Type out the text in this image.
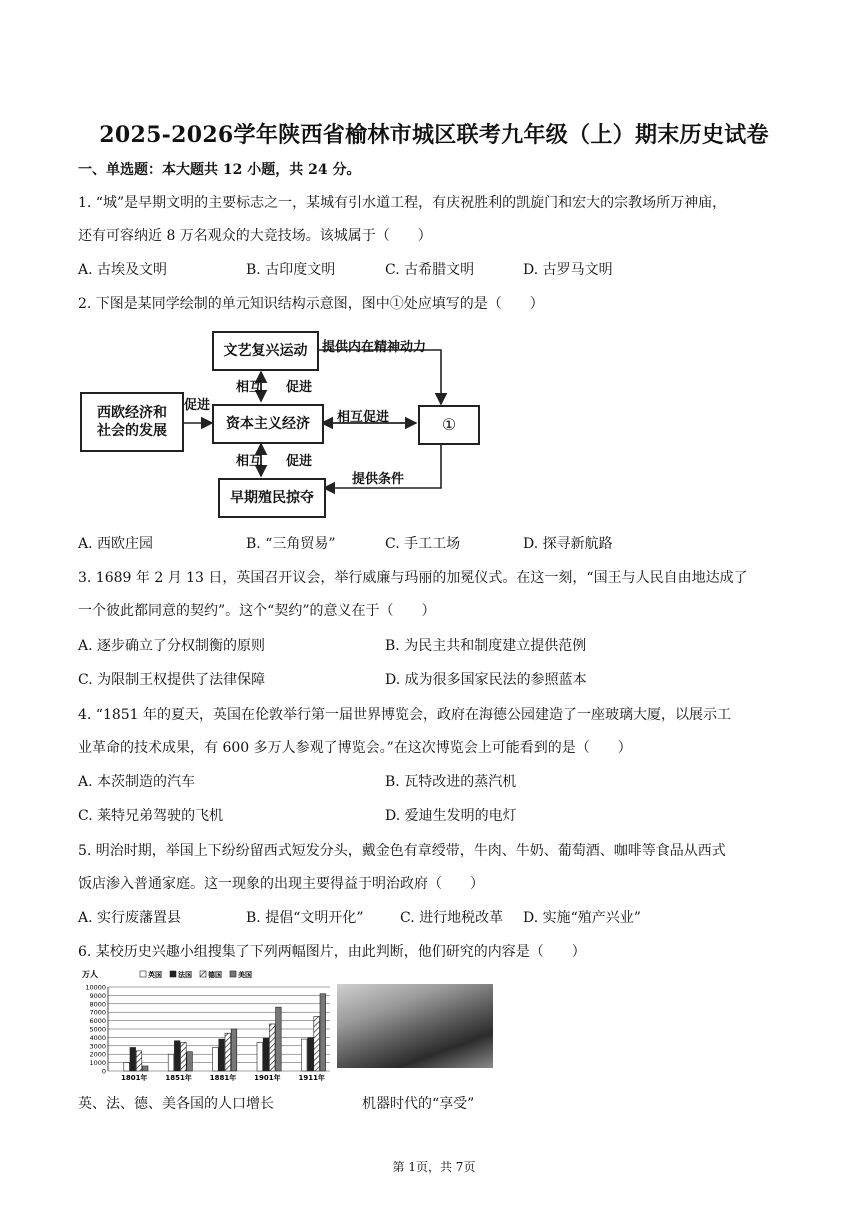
2025-2026学年陕西省榆林市城区联考九年级（上）期末历史试卷
一、单选题：本大题共 12 小题，共 24 分。
1. “城”是早期文明的主要标志之一，某城有引水道工程，有庆祝胜利的凯旋门和宏大的宗教场所万神庙，
还有可容纳近 8 万名观众的大竞技场。该城属于（　　）
A. 古埃及文明	B. 古印度文明	C. 古希腊文明	D. 古罗马文明
2. 下图是某同学绘制的单元知识结构示意图，图中①处应填写的是（　　）
文艺复兴运动
西欧经济和
社会的发展	资本主义经济	①
早期殖民掠夺
提供内在精神动力
相互 促进
促进
相互促进
相互 促进
提供条件
A. 西欧庄园	B. “三角贸易”	C. 手工工场	D. 探寻新航路
3. 1689 年 2 月 13 日，英国召开议会，举行威廉与玛丽的加冕仪式。在这一刻，“国王与人民自由地达成了
一个彼此都同意的契约”。这个“契约”的意义在于（　　）
A. 逐步确立了分权制衡的原则	B. 为民主共和制度建立提供范例
C. 为限制王权提供了法律保障	D. 成为很多国家民法的参照蓝本
4. “1851 年的夏天，英国在伦敦举行第一届世界博览会，政府在海德公园建造了一座玻璃大厦，以展示工
业革命的技术成果，有 600 多万人参观了博览会。”在这次博览会上可能看到的是（　　）
A. 本茨制造的汽车	B. 瓦特改进的蒸汽机
C. 莱特兄弟驾驶的飞机	D. 爱迪生发明的电灯
5. 明治时期，举国上下纷纷留西式短发分头，戴金色有章绶带，牛肉、牛奶、葡萄酒、咖啡等食品从西式
饭店渗入普通家庭。这一现象的出现主要得益于明治政府（　　）
A. 实行废藩置县	B. 提倡“文明开化”	C. 进行地税改革 D. 实施“殖产兴业”
6. 某校历史兴趣小组搜集了下列两幅图片，由此判断，他们研究的内容是（　　）
万人
0
1000
2000
3000
4000
5000
6000
7000
8000
9000
10000
英国 法国 德国 美国
1801年	1851年	1881年	1901年	1911年
英、法、德、美各国的人口增长	机器时代的“享受”
第 1页，共 7页
